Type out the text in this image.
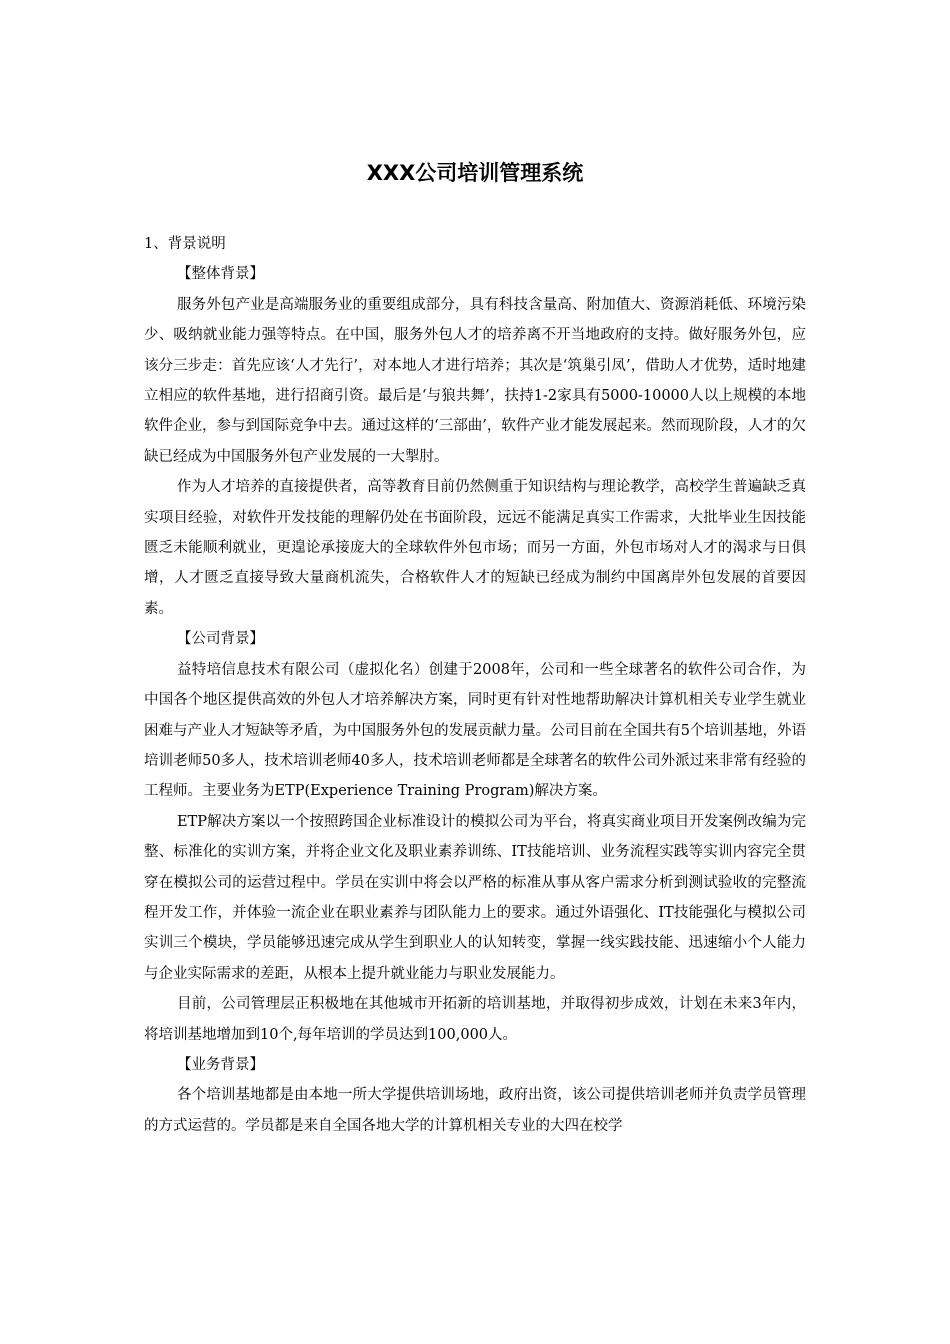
XXX公司培训管理系统

1、背景说明

【整体背景】

服务外包产业是高端服务业的重要组成部分，具有科技含量高、附加值大、资源消耗低、环境污染少、吸纳就业能力强等特点。在中国，服务外包人才的培养离不开当地政府的支持。做好服务外包，应该分三步走：首先应该‘人才先行’，对本地人才进行培养；其次是‘筑巢引凤’，借助人才优势，适时地建立相应的软件基地，进行招商引资。最后是‘与狼共舞’，扶持1-2家具有5000-10000人以上规模的本地软件企业，参与到国际竞争中去。通过这样的‘三部曲’，软件产业才能发展起来。然而现阶段，人才的欠缺已经成为中国服务外包产业发展的一大掣肘。

作为人才培养的直接提供者，高等教育目前仍然侧重于知识结构与理论教学，高校学生普遍缺乏真实项目经验，对软件开发技能的理解仍处在书面阶段，远远不能满足真实工作需求，大批毕业生因技能匮乏未能顺利就业，更遑论承接庞大的全球软件外包市场；而另一方面，外包市场对人才的渴求与日俱增，人才匮乏直接导致大量商机流失，合格软件人才的短缺已经成为制约中国离岸外包发展的首要因素。

【公司背景】

益特培信息技术有限公司（虚拟化名）创建于2008年，公司和一些全球著名的软件公司合作，为中国各个地区提供高效的外包人才培养解决方案，同时更有针对性地帮助解决计算机相关专业学生就业困难与产业人才短缺等矛盾，为中国服务外包的发展贡献力量。公司目前在全国共有5个培训基地，外语培训老师50多人，技术培训老师40多人，技术培训老师都是全球著名的软件公司外派过来非常有经验的工程师。主要业务为ETP(Experience Training Program)解决方案。

ETP解决方案以一个按照跨国企业标准设计的模拟公司为平台，将真实商业项目开发案例改编为完整、标准化的实训方案，并将企业文化及职业素养训练、IT技能培训、业务流程实践等实训内容完全贯穿在模拟公司的运营过程中。学员在实训中将会以严格的标准从事从客户需求分析到测试验收的完整流程开发工作，并体验一流企业在职业素养与团队能力上的要求。通过外语强化、IT技能强化与模拟公司实训三个模块，学员能够迅速完成从学生到职业人的认知转变，掌握一线实践技能、迅速缩小个人能力与企业实际需求的差距，从根本上提升就业能力与职业发展能力。

目前，公司管理层正积极地在其他城市开拓新的培训基地，并取得初步成效，计划在未来3年内，将培训基地增加到10个,每年培训的学员达到100,000人。

【业务背景】

各个培训基地都是由本地一所大学提供培训场地，政府出资，该公司提供培训老师并负责学员管理的方式运营的。学员都是来自全国各地大学的计算机相关专业的大四在校学
